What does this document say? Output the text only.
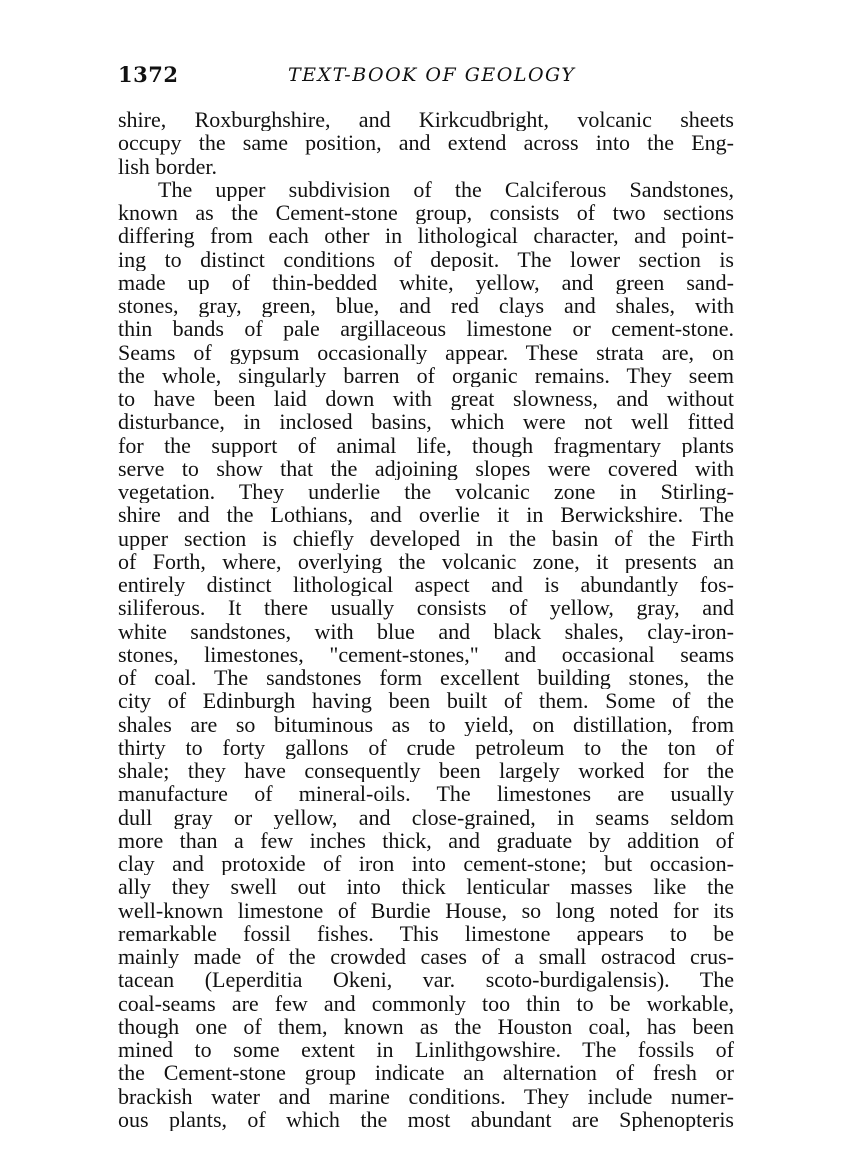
1372	TEXT-BOOK OF GEOLOGY
shire, Roxburghshire, and Kirkcudbright, volcanic sheets
occupy the same position, and extend across into the Eng-
lish border.
The upper subdivision of the Calciferous Sandstones,
known as the Cement-stone group, consists of two sections
differing from each other in lithological character, and point-
ing to distinct conditions of deposit. The lower section is
made up of thin-bedded white, yellow, and green sand-
stones, gray, green, blue, and red clays and shales, with
thin bands of pale argillaceous limestone or cement-stone.
Seams of gypsum occasionally appear. These strata are, on
the whole, singularly barren of organic remains. They seem
to have been laid down with great slowness, and without
disturbance, in inclosed basins, which were not well fitted
for the support of animal life, though fragmentary plants
serve to show that the adjoining slopes were covered with
vegetation. They underlie the volcanic zone in Stirling-
shire and the Lothians, and overlie it in Berwickshire. The
upper section is chiefly developed in the basin of the Firth
of Forth, where, overlying the volcanic zone, it presents an
entirely distinct lithological aspect and is abundantly fos-
siliferous. It there usually consists of yellow, gray, and
white sandstones, with blue and black shales, clay-iron-
stones, limestones, "cement-stones," and occasional seams
of coal. The sandstones form excellent building stones, the
city of Edinburgh having been built of them. Some of the
shales are so bituminous as to yield, on distillation, from
thirty to forty gallons of crude petroleum to the ton of
shale; they have consequently been largely worked for the
manufacture of mineral-oils. The limestones are usually
dull gray or yellow, and close-grained, in seams seldom
more than a few inches thick, and graduate by addition of
clay and protoxide of iron into cement-stone; but occasion-
ally they swell out into thick lenticular masses like the
well-known limestone of Burdie House, so long noted for its
remarkable fossil fishes. This limestone appears to be
mainly made of the crowded cases of a small ostracod crus-
tacean (Leperditia Okeni, var. scoto-burdigalensis). The
coal-seams are few and commonly too thin to be workable,
though one of them, known as the Houston coal, has been
mined to some extent in Linlithgowshire. The fossils of
the Cement-stone group indicate an alternation of fresh or
brackish water and marine conditions. They include numer-
ous plants, of which the most abundant are Sphenopteris
